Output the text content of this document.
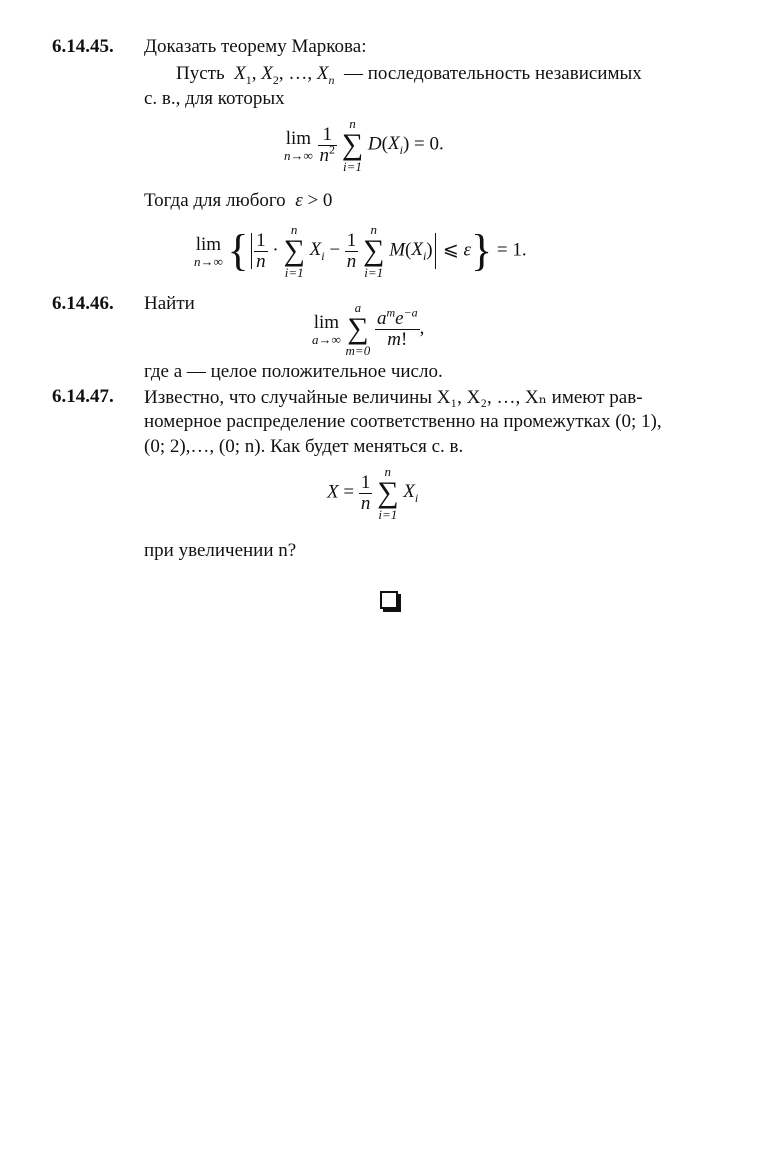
6.14.45. Доказать теорему Маркова:
Пусть  $X_1$, $X_2$, …, $X_n$ — последовательность независимых
с. в., для которых
lim
n→∞
$\frac{1}{n^2}$

n
∑
i=1
$D(X_i) = 0$.
Тогда для любого  ε > 0
lim
n→∞ { $\frac{1}{n}$ ·
n
∑
i=1
$X_i - \frac{1}{n}$

n
∑
i=1
$M(X_i)$ ⩽ ε} = 1.
6.14.46. Найти
lim
a→∞

a
∑
m=0

$\frac{a^me^{-a}}{m!}$ ,
где a — целое положительное число.
6.14.47. Известно, что случайные величины X₁, X₂, …, Xₙ имеют рав-
номерное распределение соответственно на промежутках (0; 1),
(0; 2),…, (0; n). Как будет меняться с. в.
$X = \frac{1}{n}$

n
∑
i=1
$X_i$
при увеличении n?
